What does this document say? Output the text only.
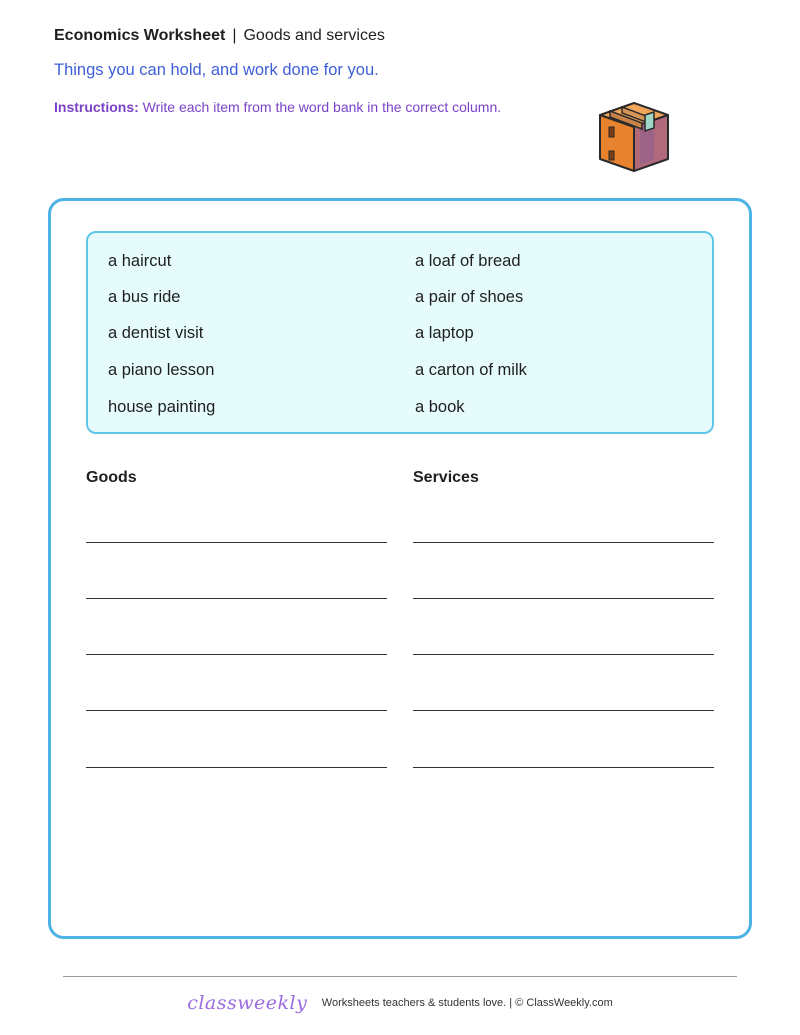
Economics Worksheet | Goods and services
Things you can hold, and work done for you.
Instructions: Write each item from the word bank in the correct column.
a haircut
a bus ride
a dentist visit
a piano lesson
house painting
a loaf of bread
a pair of shoes
a laptop
a carton of milk
a book
Goods	Services
classweekly Worksheets teachers & students love. | © ClassWeekly.com
